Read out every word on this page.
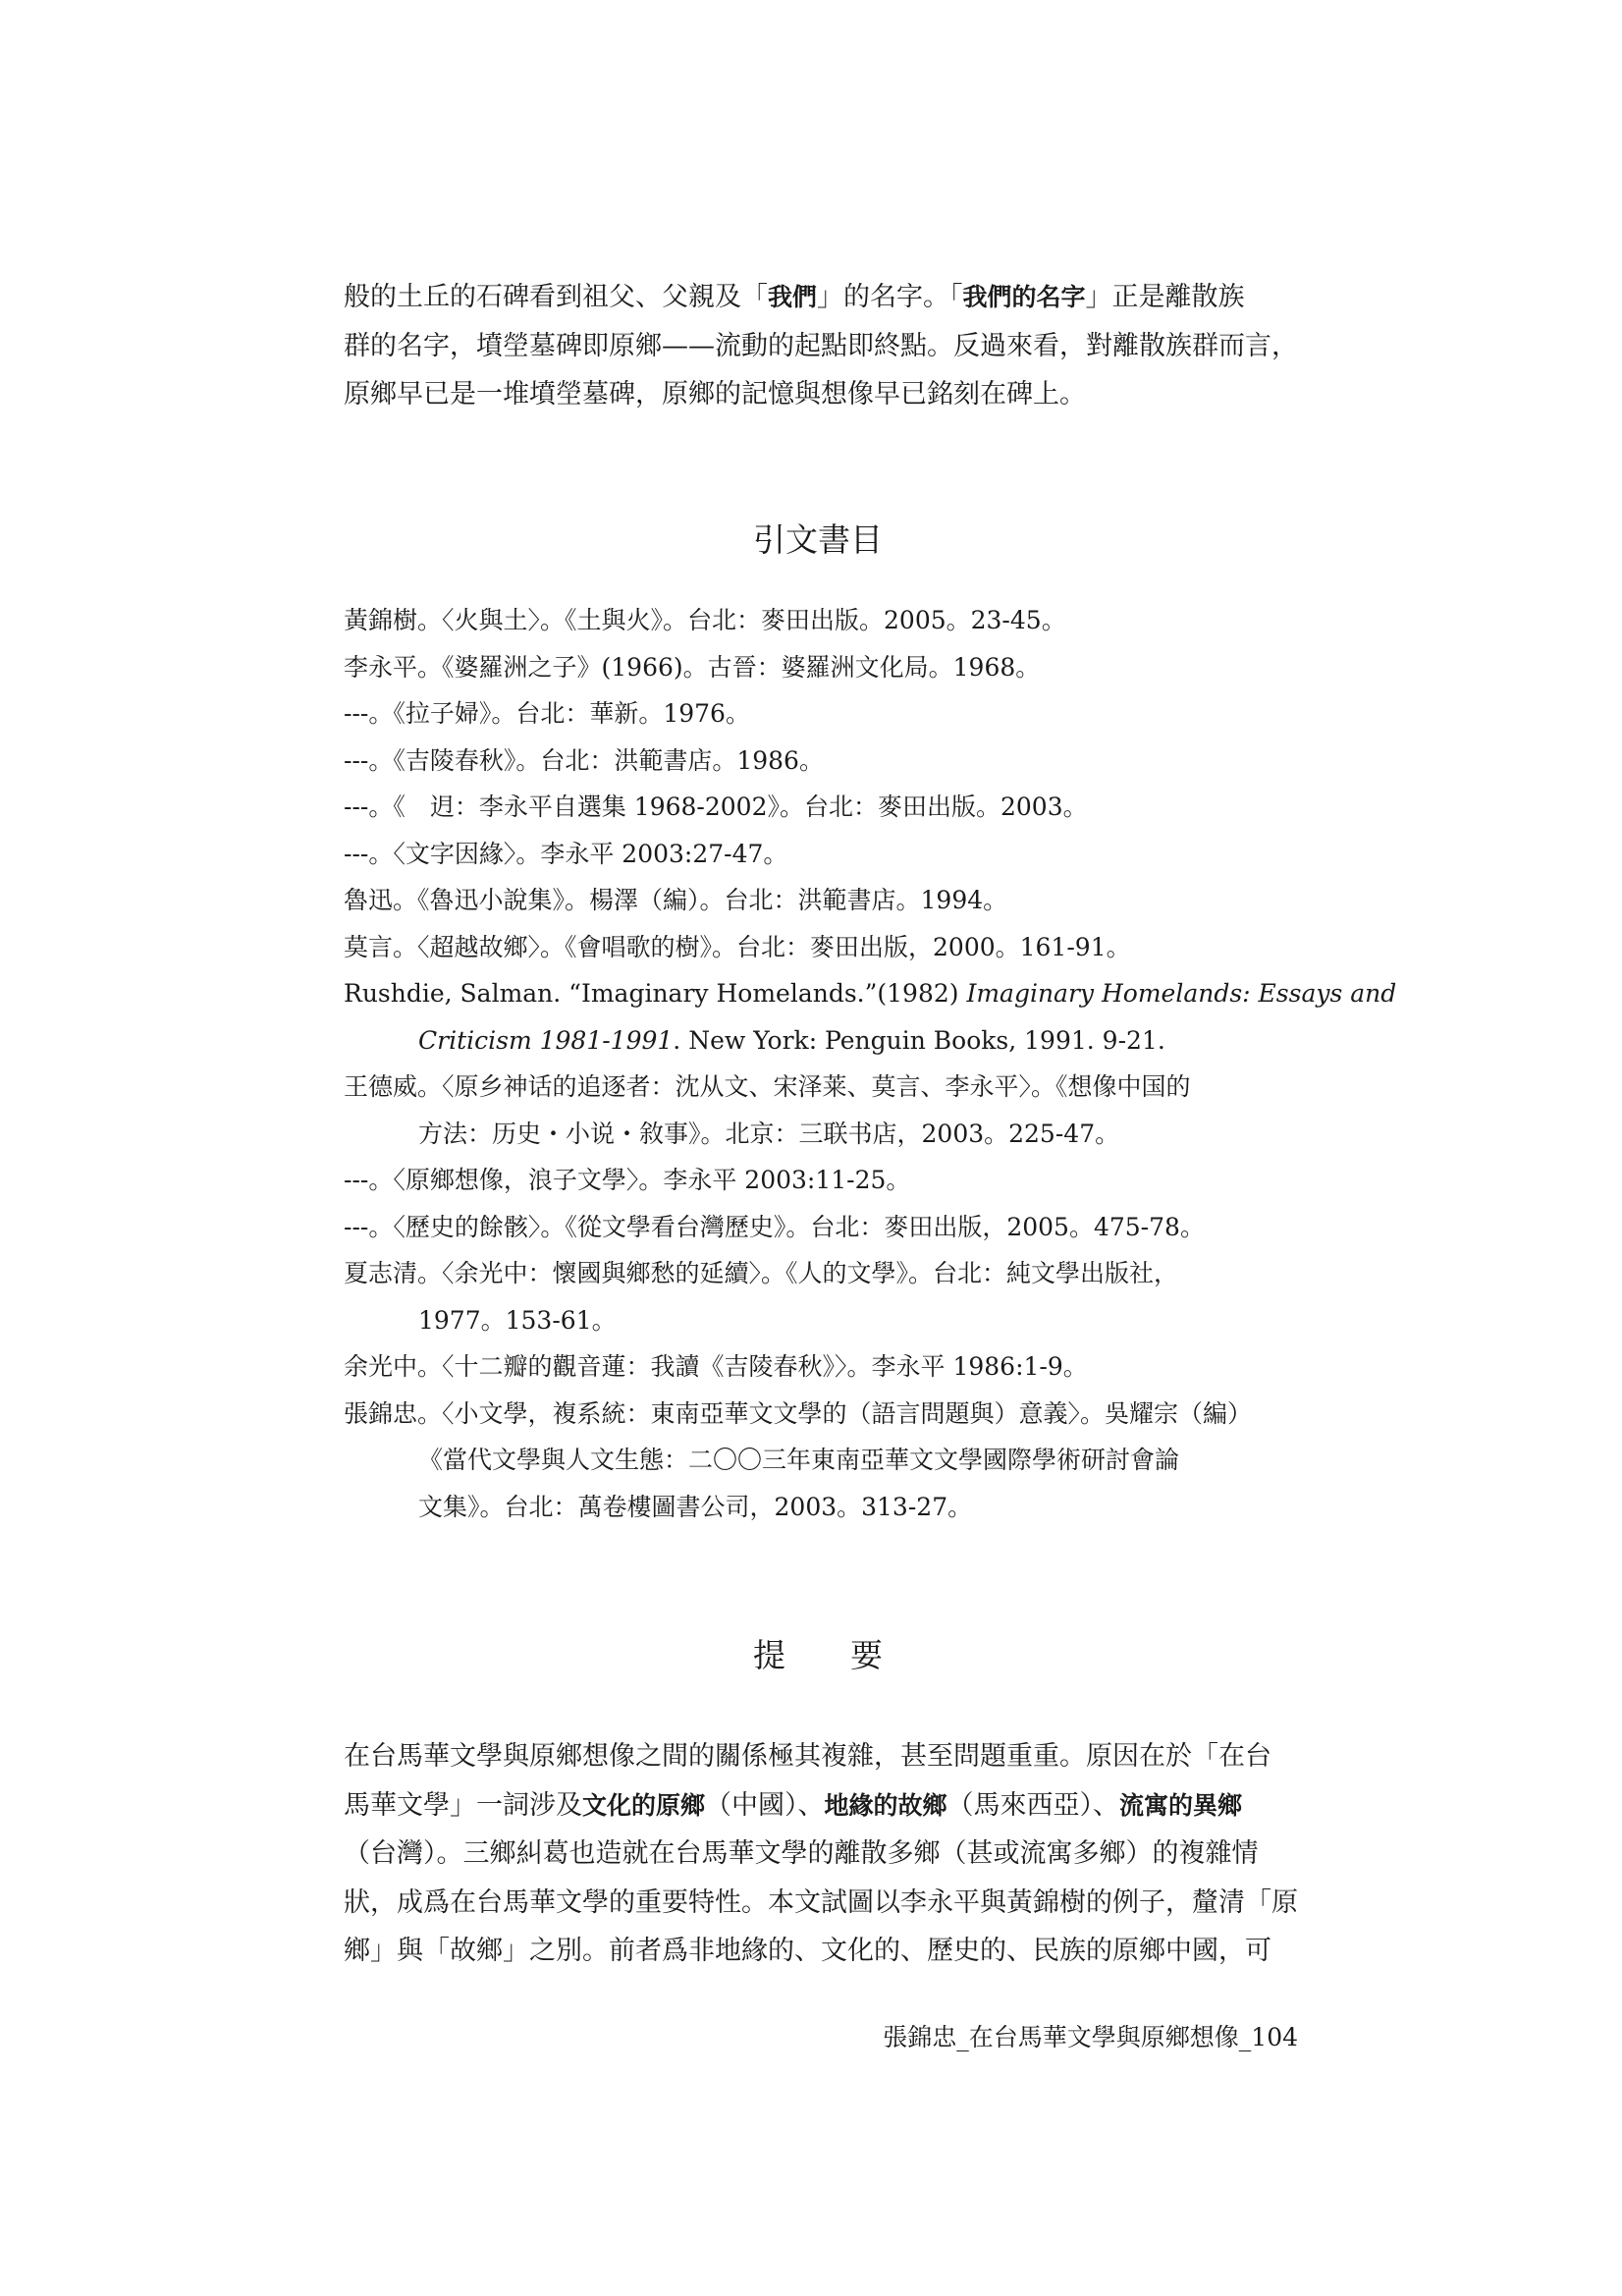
般的土丘的石碑看到祖父、父親及「我們」的名字。「我們的名字」正是離散族
群的名字，墳塋墓碑即原鄉——流動的起點即終點。反過來看，對離散族群而言，
原鄉早已是一堆墳塋墓碑，原鄉的記憶與想像早已銘刻在碑上。
引文書目
黃錦樹。〈火與土〉。《土與火》。台北：麥田出版。2005。23-45。
李永平。《婆羅洲之子》(1966)。古晉：婆羅洲文化局。1968。
---。《拉子婦》。台北：華新。1976。
---。《吉陵春秋》。台北：洪範書店。1986。
---。《　迌：李永平自選集 1968-2002》。台北：麥田出版。2003。
---。〈文字因緣〉。李永平 2003:27-47。
魯迅。《魯迅小說集》。楊澤（編）。台北：洪範書店。1994。
莫言。〈超越故鄉〉。《會唱歌的樹》。台北：麥田出版，2000。161-91。
Rushdie, Salman. “Imaginary Homelands.”(1982) Imaginary Homelands: Essays and
Criticism 1981-1991. New York: Penguin Books, 1991. 9-21.
王德威。〈原乡神话的追逐者：沈从文、宋泽莱、莫言、李永平〉。《想像中国的
方法：历史・小说・敘事》。北京：三联书店，2003。225-47。
---。〈原鄉想像，浪子文學〉。李永平 2003:11-25。
---。〈歷史的餘骸〉。《從文學看台灣歷史》。台北：麥田出版，2005。475-78。
夏志清。〈余光中：懷國與鄉愁的延續〉。《人的文學》。台北：純文學出版社，
1977。153-61。
余光中。〈十二瓣的觀音蓮：我讀《吉陵春秋》〉。李永平 1986:1-9。
張錦忠。〈小文學，複系統：東南亞華文文學的（語言問題與）意義〉。吳耀宗（編）
《當代文學與人文生態：二〇〇三年東南亞華文文學國際學術研討會論
文集》。台北：萬卷樓圖書公司，2003。313-27。
提　　要
在台馬華文學與原鄉想像之間的關係極其複雜，甚至問題重重。原因在於「在台
馬華文學」一詞涉及文化的原鄉（中國）、地緣的故鄉（馬來西亞）、流寓的異鄉
（台灣）。三鄉糾葛也造就在台馬華文學的離散多鄉（甚或流寓多鄉）的複雜情
狀，成爲在台馬華文學的重要特性。本文試圖以李永平與黃錦樹的例子，釐清「原
鄉」與「故鄉」之別。前者爲非地緣的、文化的、歷史的、民族的原鄉中國，可
張錦忠_在台馬華文學與原鄉想像_104
